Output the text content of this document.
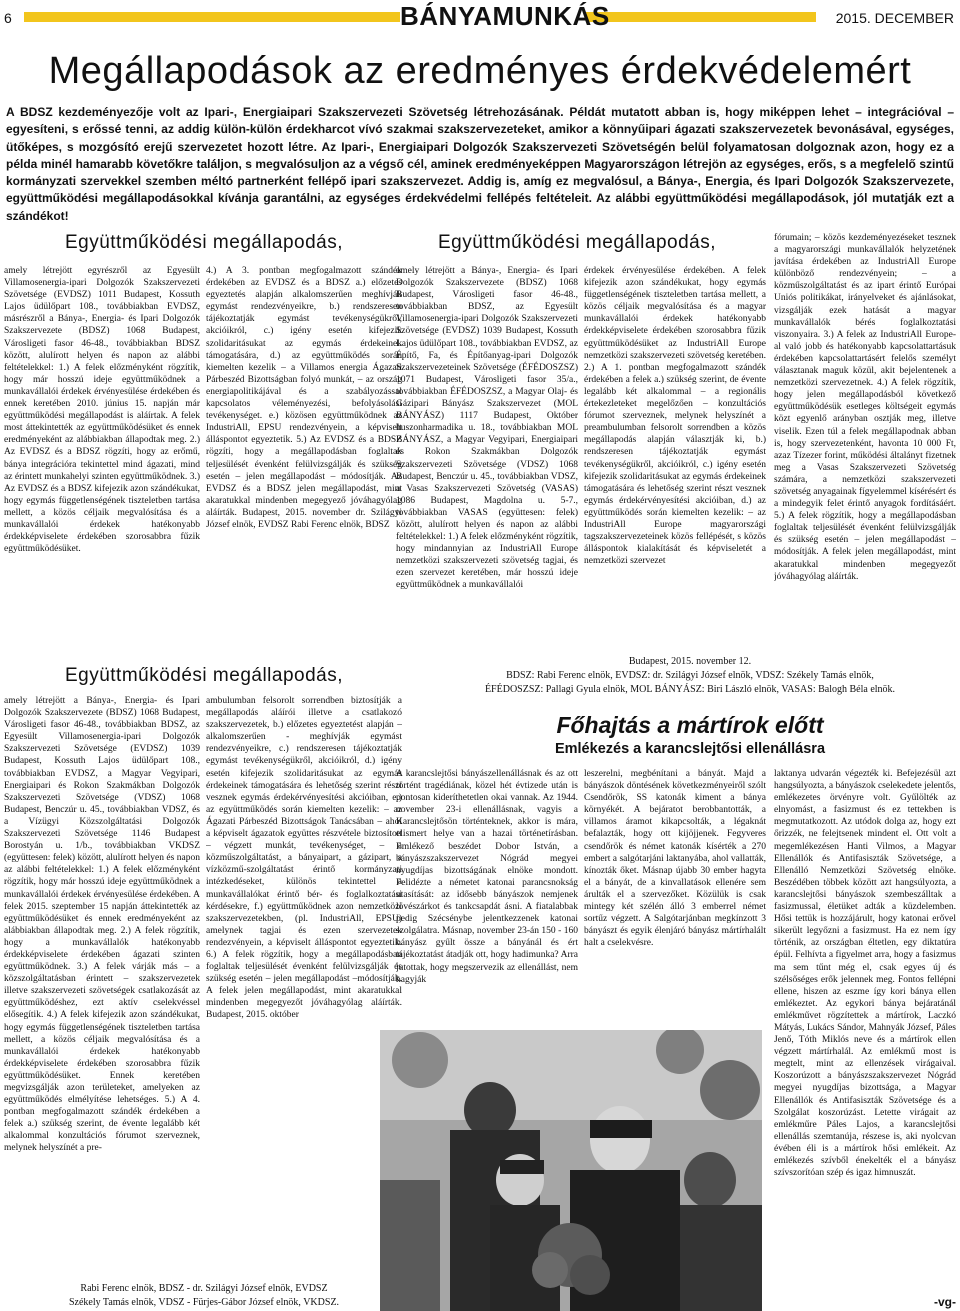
6	BÁNYAMUNKÁS	2015. DECEMBER
Megállapodások az eredményes érdekvédelemért

A BDSZ kezdeményezője volt az Ipari-, Energiaipari Szakszervezeti Szövetség létrehozásának. Példát mutatott abban is, hogy miképpen lehet – integrációval – egyesíteni, s erőssé tenni, az addig külön-külön érdekharcot vívó szakmai szakszervezeteket, amikor a könnyűipari ágazati szakszervezetek bevonásával, egységes, ütőképes, s mozgósító erejű szervezetet hozott létre. Az Ipari-, Energiaipari Dolgozók Szakszervezeti Szövetségén belül folyamatosan dolgoznak azon, hogy ez a példa minél hamarabb követőkre találjon, s megvalósuljon az a végső cél, aminek eredményeképpen Magyarországon létrejön az egységes, erős, s a megfelelő szintű kormányzati szervekkel szemben méltó partnerként fellépő ipari szakszervezet. Addig is, amíg ez megvalósul, a Bánya-, Energia, és Ipari Dolgozók Szakszervezete, együttműködési megállapodásokkal kívánja garantálni, az egységes érdekvédelmi fellépés feltételeit. Az alábbi együttműködési megállapodások, jól mutatják ezt a szándékot!

Együttműködési megállapodás,

amely létrejött egyrészről az Egyesült Villamosenergia-ipari Dolgozók Szakszervezeti Szövetsége (EVDSZ) 1011 Budapest, Kossuth Lajos üdülőpart 108., továbbiakban EVDSZ, másrészről a Bánya-, Energia- és Ipari Dolgozók Szakszervezete (BDSZ) 1068 Budapest, Városligeti fasor 46-48., továbbiakban BDSZ között, alulírott helyen és napon az alábbi feltételekkel: 1.) A felek előzményként rögzítik, hogy már hosszú ideje együttműködnek a munkavállalói érdekek érvényesülése érdekében és ennek keretében 2010. június 15. napján már együttműködési megállapodást is aláírtak. A felek most áttekintették az együttműködésüket és ennek eredményeként az alábbiakban állapodtak meg. 2.) Az EVDSZ és a BDSZ rögzíti, hogy az erőmű, bánya integrációra tekintettel mind ágazati, mind az érintett munkahelyi szinten együttműködnek. 3.) Az EVDSZ és a BDSZ kifejezik azon szándékukat, hogy egymás függetlenségének tiszteletben tartása mellett, a közös céljaik megvalósítása és a munkavállalói érdekek hatékonyabb érdekképviselete érdekében szorosabbra fűzik együttműködésüket.

4.) A 3. pontban megfogalmazott szándék érdekében az EVDSZ és a BDSZ a.) előzetes egyeztetés alapján alkalomszerűen meghívják egymást rendezvényeikre, b.) rendszeresen tájékoztatják egymást tevékenységükről, akcióikról, c.) igény esetén kifejezik szolidaritásukat az egymás érdekeinek támogatására, d.) az együttműködés során kiemelten kezelik – a Villamos energia Ágazati Párbeszéd Bizottságban folyó munkát, – az ország energiapolitikájával és a szabályozással kapcsolatos véleményezési, befolyásolási tevékenységet. e.) közösen együttműködnek az IndustriAll, EPSU rendezvényein, a képviselt álláspontot egyeztetik. 5.) Az EVDSZ és a BDSZ rögzíti, hogy a megállapodásban foglaltak teljesülését évenként felülvizsgálják és szükség esetén – jelen megállapodást – módosítják. Az EVDSZ és a BDSZ jelen megállapodást, mint akaratukkal mindenben megegyező jóváhagyólag aláírták. Budapest, 2015. november dr. Szilágyi József elnök, EVDSZ Rabi Ferenc elnök, BDSZ

Együttműködési megállapodás,

amely létrejött a Bánya-, Energia- és Ipari Dolgozók Szakszervezete (BDSZ) 1068 Budapest, Városligeti fasor 46-48., továbbiakban BDSZ, az Egyesült Villamosenergia-ipari Dolgozók Szakszervezeti Szövetsége (EVDSZ) 1039 Budapest, Kossuth Lajos üdülőpart 108., továbbiakban EVDSZ, az Építő, Fa, és Építőanyag-ipari Dolgozók Szakszervezeteinek Szövetsége (ÉFÉDOSZSZ) 1071 Budapest, Városligeti fasor 35/a., továbbiakban ÉFÉDOSZSZ, a Magyar Olaj- és Gázipari Bányász Szakszervezet (MOL BÁNYÁSZ) 1117 Budapest, Október huszonharmadika u. 18., továbbiakban MOL BÁNYÁSZ, a Magyar Vegyipari, Energiaipari és Rokon Szakmákban Dolgozók Szakszervezeti Szövetsége (VDSZ) 1068 Budapest, Benczúr u. 45., továbbiakban VDSZ, a Vasas Szakszervezeti Szövetség (VASAS) 1086 Budapest, Magdolna u. 5-7., továbbiakban VASAS (együttesen: felek) között, alulírott helyen és napon az alábbi feltételekkel: 1.) A felek előzményként rögzítik, hogy mindannyian az IndustriAll Europe nemzetközi szakszervezeti szövetség tagjai, és ezen szervezet keretében, már hosszú ideje együttműködnek a munkavállalói

érdekek érvényesülése érdekében. A felek kifejezik azon szándékukat, hogy egymás függetlenségének tiszteletben tartása mellett, a közös céljaik megvalósítása és a magyar munkavállalói érdekek hatékonyabb érdekképviselete érdekében szorosabbra fűzik együttműködésüket az IndustriAll Europe nemzetközi szakszervezeti szövetség keretében. 2.) A 1. pontban megfogalmazott szándék érdekében a felek a.) szükség szerint, de évente legalább két alkalommal – a regionális értekezleteket megelőzően – konzultációs fórumot szerveznek, melynek helyszínét a preambulumban felsorolt sorrendben a közös megállapodás alapján választják ki, b.) rendszeresen tájékoztatják egymást tevékenységükről, akcióikról, c.) igény esetén kifejezik szolidaritásukat az egymás érdekeinek támogatására és lehetőség szerint részt vesznek egymás érdekérvényesítési akcióiban, d.) az együttműködés során kiemelten kezelik: – az IndustriAll Europe magyarországi tagszakszervezeteinek közös fellépését, s közös álláspontok kialakítását és képviseletét a nemzetközi szervezet

fórumain; – közös kezdeményezéseket tesznek a magyarországi munkavállalók helyzetének javítása érdekében az IndustriAll Europe különböző rendezvényein; – a közműszolgáltatást és az ipart érintő Európai Uniós politikákat, irányelveket és ajánlásokat, vizsgálják ezek hatását a magyar munkavállalók bérés foglalkoztatási viszonyaira. 3.) A felek az IndustriAll Europe-al való jobb és hatékonyabb kapcsolattartásuk érdekében kapcsolattartásért felelős személyt választanak maguk közül, akit bejelentenek a nemzetközi szervezetnek. 4.) A felek rögzítik, hogy jelen megállapodásból következő együttműködésük esetleges költségeit egymás közt egyenlő arányban osztják meg, illetve viselik. Ezen túl a felek megállapodnak abban is, hogy szervezetenként, havonta 10 000 Ft, azaz Tízezer forint, működési általányt fizetnek meg a Vasas Szakszervezeti Szövetség számára, a nemzetközi szakszervezeti szövetség anyagainak fígyelemmel kísérésért és a mindegyik felet érintő anyagok fordításáért. 5.) A felek rögzítik, hogy a megállapodásban foglaltak teljesülését évenként felülvizsgálják és szükség esetén – jelen megállapodást –módosítják. A felek jelen megállapodást, mint akaratukkal mindenben megegyezőt jóváhagyólag aláírták.

Budapest, 2015. november 12.
BDSZ: Rabi Ferenc elnök, EVDSZ: dr. Szilágyi József elnök, VDSZ: Székely Tamás elnök,
ÉFÉDOSZSZ: Pallagi Gyula elnök, MOL BÁNYÁSZ: Biri László elnök, VASAS: Balogh Béla elnök.
Együttműködési megállapodás,

amely létrejött a Bánya-, Energia- és Ipari Dolgozók Szakszervezete (BDSZ) 1068 Budapest, Városligeti fasor 46-48., továbbiakban BDSZ, az Egyesült Villamosenergia-ipari Dolgozók Szakszervezeti Szövetsége (EVDSZ) 1039 Budapest, Kossuth Lajos üdülőpart 108., továbbiakban EVDSZ, a Magyar Vegyipari, Energiaipari és Rokon Szakmákban Dolgozók Szakszervezeti Szövetsége (VDSZ) 1068 Budapest, Benczúr u. 45., továbbiakban VDSZ, és a Vízügyi Közszolgáltatási Dolgozók Szakszervezeti Szövetsége 1146 Budapest Borostyán u. 1/b., továbbiakban VKDSZ (együttesen: felek) között, alulírott helyen és napon az alábbi feltételekkel: 1.) A felek előzményként rögzítik, hogy már hosszú ideje együttműködnek a munkavállalói érdekek érvényesülése érdekében. A felek 2015. szeptember 15 napján áttekintették az együttműködésüket és ennek eredményeként az alábbiakban állapodtak meg. 2.) A felek rögzítik, hogy a munkavállalók hatékonyabb érdekképviselete érdekében ágazati szinten együttműködnek. 3.) A felek várják más – a közszolgáltatásban érintett – szakszervezetek illetve szakszervezeti szövetségek csatlakozását az együttműködéshez, ezt aktív cselekvéssel elősegítik. 4.) A felek kifejezik azon szándékukat, hogy egymás függetlenségének tiszteletben tartása mellett, a közös céljaik megvalósítása és a munkavállalói érdekek hatékonyabb érdekképviselete érdekében szorosabbra fűzik együttműködésüket. Ennek keretében megvizsgálják azon területeket, amelyeken az együttműködés elmélyítése lehetséges. 5.) A 4. pontban megfogalmazott szándék érdekében a felek a.) szükség szerint, de évente legalább két alkalommal konzultációs fórumot szerveznek, melynek helyszínét a pre-

ambulumban felsorolt sorrendben biztosítják a megállapodás aláírói illetve a csatlakozó szakszervezetek, b.) előzetes egyeztetést alapján – alkalomszerűen - meghívják egymást rendezvényeikre, c.) rendszeresen tájékoztatják egymást tevékenységükről, akcióikról, d.) igény esetén kifejezik szolidaritásukat az egymás érdekeinek támogatására és lehetőség szerint részt vesznek egymás érdekérvényesítési akcióiban, e.) az együttműködés során kiemelten kezelik: – az Ágazati Párbeszéd Bizottságok Tanácsában – ahol a képviselt ágazatok együttes részvétele biztosított – végzett munkát, tevékenységet, – a közműszolgáltatást, a bányaipart, a gázipart, a vízközmű-szolgáltatást érintő kormányzati intézkedéseket, különös tekintettel a munkavállalókat érintő bér- és foglalkoztatási kérdésekre, f.) együttműködnek azon nemzetközi szakszervezetekben, (pl. IndustriAll, EPSU) amelynek tagjai és ezen szervezetek rendezvényein, a képviselt álláspontot egyeztetik. 6.) A felek rögzítik, hogy a megállapodásban foglaltak teljesülését évenként felülvizsgálják és szükség esetén – jelen megállapodást –módosítják. A felek jelen megállapodást, mint akaratukkal mindenben megegyezőt jóváhagyólag aláírták. Budapest, 2015. október

Rabi Ferenc elnök, BDSZ - dr. Szilágyi József elnök, EVDSZ
Székely Tamás elnök, VDSZ - Fürjes-Gábor József elnök, VKDSZ.
Főhajtás a mártírok előtt
Emlékezés a karancslejtősi ellenállásra

A karancslejtősi bányászellenállásnak és az ott történt tragédiának, közel hét évtizede után is pontosan kideríthetetlen okai vannak. Az 1944. november 23-i ellenállásnak, vagyis a Karancslejtősön történteknek, akkor is mára, elismert helye van a hazai történetírásban. Emlékező beszédet Dobor István, a bányászszakszervezet Nógrád megyei nyugdíjas bizottságának elnöke mondott. Felidézte a németet katonai parancsnokság utasítását: az idősebb bányászok nemjenek lövészárkot és tankcsapdát ásni. A fiatalabbak pedig Szécsénybe jelentkezzenek katonai szolgálatra. Másnap, november 23-án 150 - 160 bányász gyűlt össze a bányánál és ért tájékoztatást átadják ott, hogy hadimunka? Arra jutottak, hogy megszervezik az ellenállást, nem hagyják

leszerelni, megbénítani a bányát. Majd a bányászok döntésének következményeiről szólt Csendőrök, SS katonák kiment a bánya környékét. A bejáratot berobbantották, a villamos áramot kikapcsolták, a légaknát befalazták, hogy ott kijöjjenek. Fegyveres csendőrök és német katonák kísérték a 270 embert a salgótarjáni laktanyába, ahol vallatták, kínozták őket. Másnap újabb 30 ember hagyta el a bányát, de a kinvallatások ellenére sem árulták el a szervezőket. Közülük is csak mintegy két szélén álló 3 emberrel német sortűz végzett. A Salgótarjánban megkínzott 3 bányászt és egyik élenjáró bányász mártírhalált halt a cselekvésre.

laktanya udvarán végezték ki. Befejezésül azt hangsúlyozta, a bányászok cselekedete jelentős, emlékezetes örvényre volt. Gyűlölték az elnyomást, a fasizmust és ez tettekben is megmutatkozott. Az utódok dolga az, hogy ezt őrizzék, ne felejtsenek mindent el. Ott volt a megemlékezésen Hanti Vilmos, a Magyar Ellenállók és Antifasiszták Szövetsége, a Ellenálló Nemzetközi Szövetség elnöke. Beszédében többek között azt hangsúlyozta, a karancslejtősi bányászok szembeszálltak a fasizmussal, életüket adták a küzdelemben. Hősi tettük is hozzájárult, hogy katonai erővel sikerült legyőzni a fasizmust. Ha ez nem így történik, az országban éltetlen, egy diktatúra épül. Felhívta a figyelmet arra, hogy a fasizmus ma sem tűnt még el, csak egyes új és szélsőséges erők jelennek meg. Fontos fellépni ellene, hiszen az eszme így kori bánya ellen emlékeztet. Az egykori bánya bejáratánál emlékművet rögzítettek a mártírok, Laczkó Mátyás, Lukács Sándor, Mahnyák József, Páles Jenő, Tóth Miklós neve és a mártírok ellen végzett mártírhalál. Az emlékmű most is megtelt, mint az ellenzések virágaival. Koszorúzott a bányászszakszervezet Nógrád megyei nyugdíjas bizottsága, a Magyar Ellenállók és Antifasiszták Szövetsége és a Szolgálat koszorúzást. Letette virágait az emlékműre Páles Lajos, a karancslejtősi ellenállás szemtanúja, részese is, aki nyolcvan évében éli is a mártírok hősi emlékeit. Az emlékezés szívből énekelték el a bányász szívszorítóan szép és igaz himnuszát.

-vg-
